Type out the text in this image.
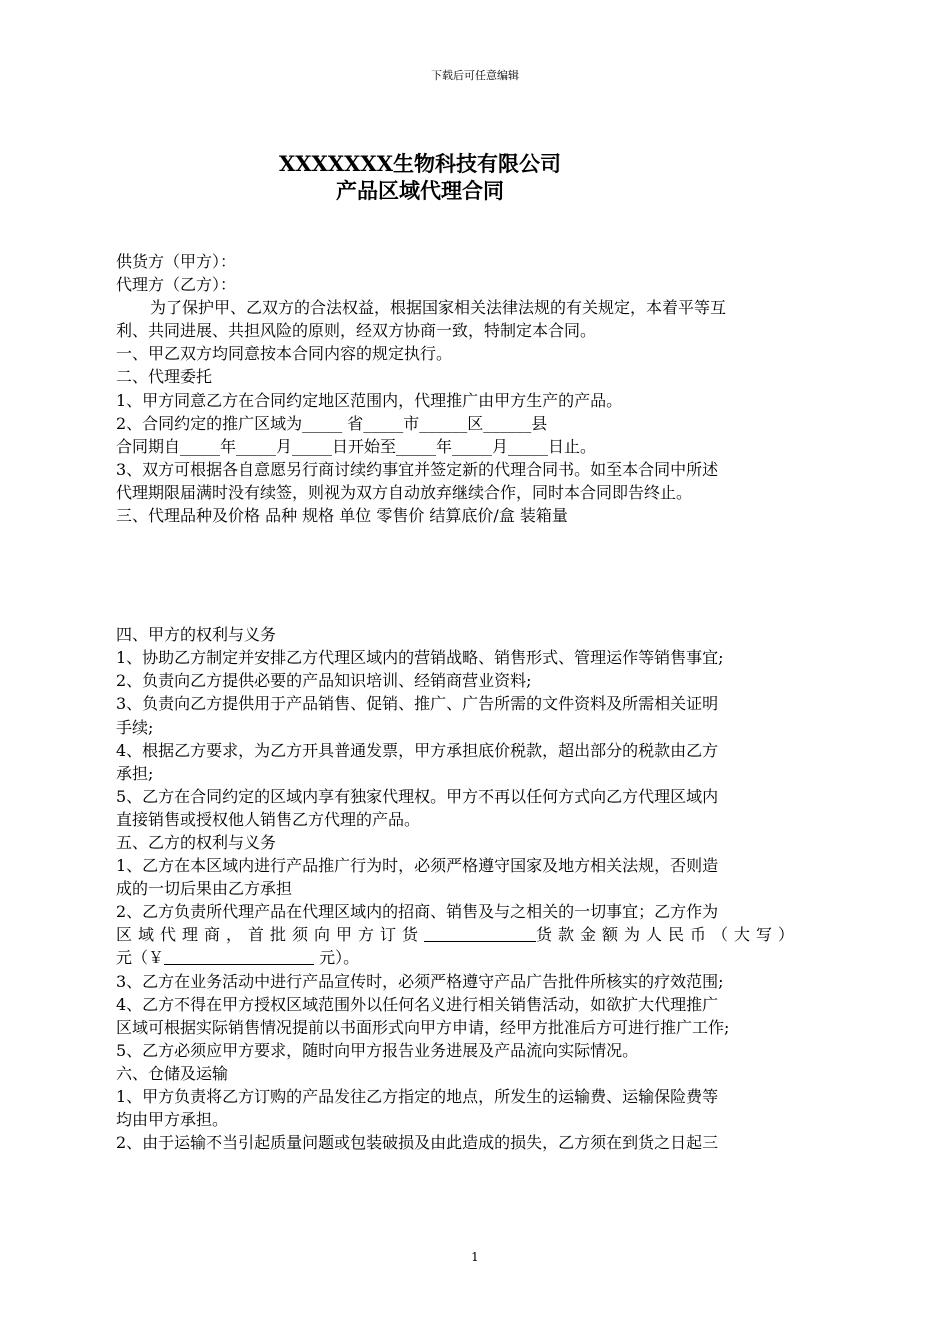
下载后可任意编辑
XXXXXXX生物科技有限公司
产品区域代理合同
供货方（甲方）：
代理方（乙方）：
为了保护甲、乙双方的合法权益，根据国家相关法律法规的有关规定，本着平等互
利、共同进展、共担风险的原则，经双方协商一致，特制定本合同。
一、甲乙双方均同意按本合同内容的规定执行。
二、代理委托
1、甲方同意乙方在合同约定地区范围内，代理推广由甲方生产的产品。
2、合同约定的推广区域为_____ 省_____市______区______县
合同期自_____年_____月_____日开始至_____年_____月_____日止。
3、双方可根据各自意愿另行商讨续约事宜并签定新的代理合同书。如至本合同中所述
代理期限届满时没有续签，则视为双方自动放弃继续合作，同时本合同即告终止。
三、代理品种及价格 品种 规格 单位 零售价 结算底价/盒 装箱量
四、甲方的权利与义务
1、协助乙方制定并安排乙方代理区域内的营销战略、销售形式、管理运作等销售事宜;
2、负责向乙方提供必要的产品知识培训、经销商营业资料;
3、负责向乙方提供用于产品销售、促销、推广、广告所需的文件资料及所需相关证明
手续;
4、根据乙方要求，为乙方开具普通发票，甲方承担底价税款，超出部分的税款由乙方
承担;
5、乙方在合同约定的区域内享有独家代理权。甲方不再以任何方式向乙方代理区域内
直接销售或授权他人销售乙方代理的产品。
五、乙方的权利与义务
1、乙方在本区域内进行产品推广行为时，必须严格遵守国家及地方相关法规，否则造
成的一切后果由乙方承担
2、乙方负责所代理产品在代理区域内的招商、销售及与之相关的一切事宜；乙方作为
区域代理商，首批须向甲方订货	货款金额为人民币（大写）
元（￥	元）。
3、乙方在业务活动中进行产品宣传时，必须严格遵守产品广告批件所核实的疗效范围;
4、乙方不得在甲方授权区域范围外以任何名义进行相关销售活动，如欲扩大代理推广
区域可根据实际销售情况提前以书面形式向甲方申请，经甲方批准后方可进行推广工作;
5、乙方必须应甲方要求，随时向甲方报告业务进展及产品流向实际情况。
六、仓储及运输
1、甲方负责将乙方订购的产品发往乙方指定的地点，所发生的运输费、运输保险费等
均由甲方承担。
2、由于运输不当引起质量问题或包装破损及由此造成的损失，乙方须在到货之日起三
1
